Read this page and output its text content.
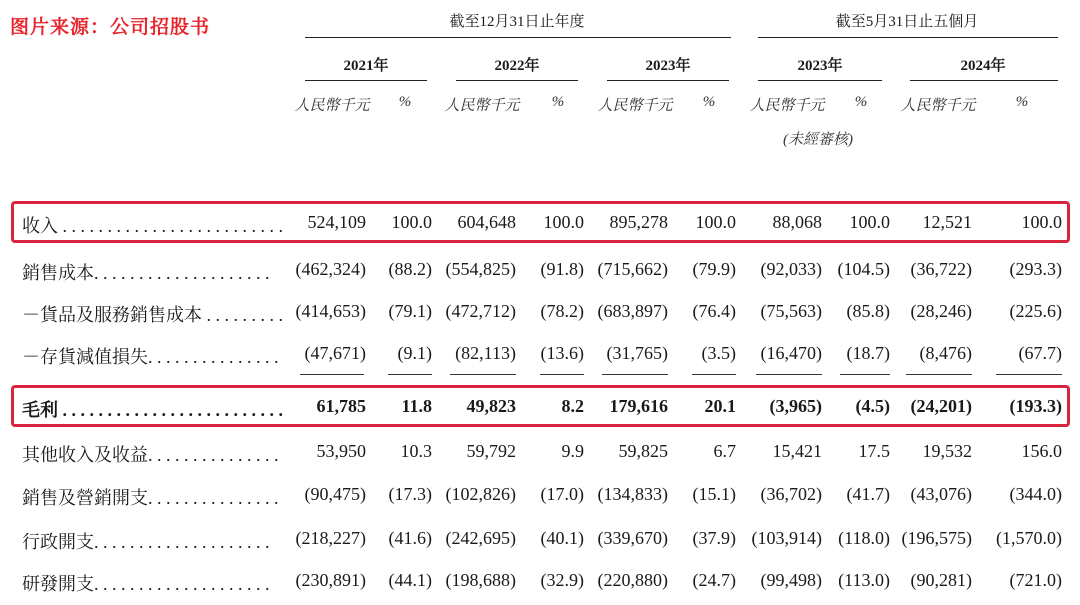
图片来源：公司招股书	截至12月31日止年度	截至5月31日止五個月
2021年	2022年	2023年	2023年	2024年
人民幣千元 % 人民幣千元 % 人民幣千元 % 人民幣千元 % 人民幣千元	%
(未經審核)
收入 . . . . . . . . . . . . . . . . . . . . . . . . . 524,109 100.0 604,648 100.0 895,278 100.0 88,068 100.0 12,521	100.0
銷售成本. . . . . . . . . . . . . . . . . . . . (462,324) (88.2) (554,825) (91.8) (715,662) (79.9) (92,033) (104.5) (36,722) (293.3)
－貨品及服務銷售成本 . . . . . . . . . (414,653) (79.1) (472,712) (78.2) (683,897) (76.4) (75,563) (85.8) (28,246) (225.6)
－存貨減值損失. . . . . . . . . . . . . . . (47,671) (9.1) (82,113) (13.6) (31,765) (3.5) (16,470) (18.7) (8,476)	(67.7)
毛利 . . . . . . . . . . . . . . . . . . . . . . . . . 61,785 11.8 49,823	8.2 179,616 20.1 (3,965) (4.5) (24,201) (193.3)
其他收入及收益. . . . . . . . . . . . . . . 53,950 10.3 59,792	9.9 59,825	6.7 15,421 17.5 19,532	156.0
銷售及營銷開支. . . . . . . . . . . . . . . (90,475) (17.3) (102,826) (17.0) (134,833) (15.1) (36,702) (41.7) (43,076) (344.0)
行政開支. . . . . . . . . . . . . . . . . . . . (218,227) (41.6) (242,695) (40.1) (339,670) (37.9) (103,914) (118.0) (196,575) (1,570.0)
研發開支. . . . . . . . . . . . . . . . . . . . (230,891) (44.1) (198,688) (32.9) (220,880) (24.7) (99,498) (113.0) (90,281) (721.0)
